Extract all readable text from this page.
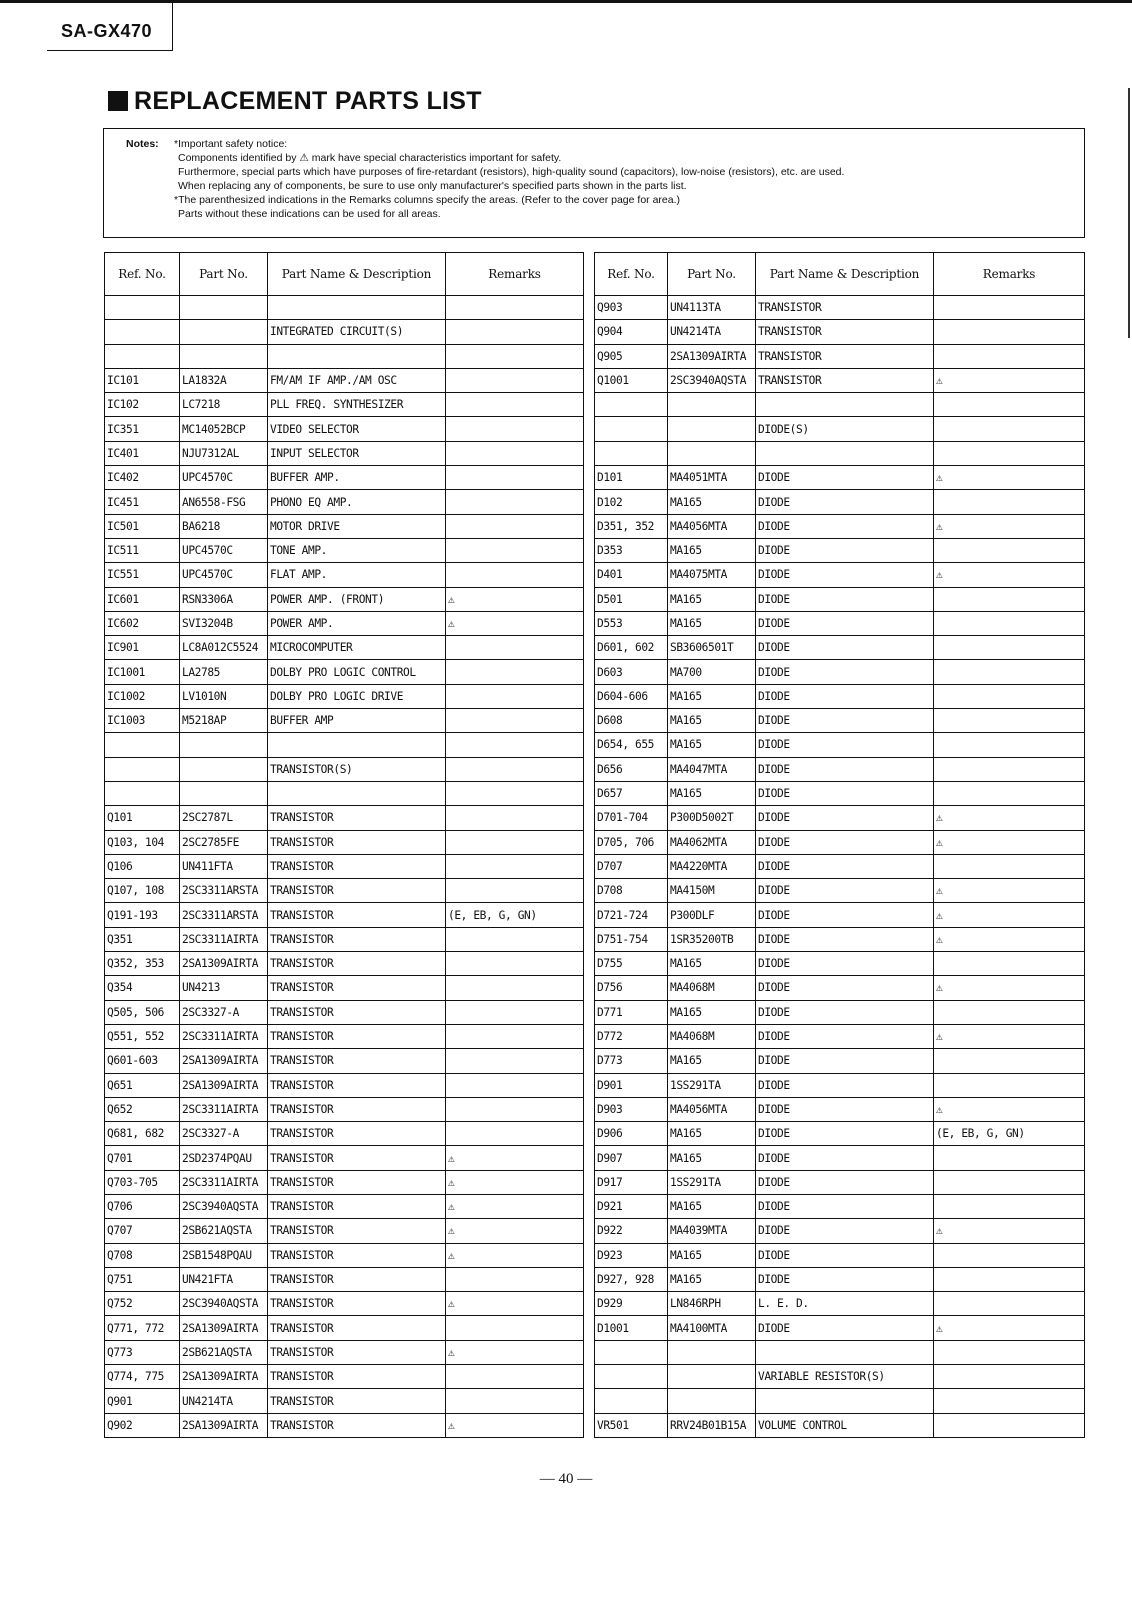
SA-GX470
REPLACEMENT PARTS LIST
Notes: *Important safety notice:
Components identified by ⚠ mark have special characteristics important for safety.
Furthermore, special parts which have purposes of fire-retardant (resistors), high-quality sound (capacitors), low-noise (resistors), etc. are used.
When replacing any of components, be sure to use only manufacturer's specified parts shown in the parts list.
*The parenthesized indications in the Remarks columns specify the areas. (Refer to the cover page for area.)
Parts without these indications can be used for all areas.
Ref. No.	Part No.	Part Name & Description	Remarks

		INTEGRATED CIRCUIT(S)	

IC101	LA1832A	FM/AM IF AMP./AM OSC	
IC102	LC7218	PLL FREQ. SYNTHESIZER	
IC351	MC14052BCP	VIDEO SELECTOR	
IC401	NJU7312AL	INPUT SELECTOR	
IC402	UPC4570C	BUFFER AMP.	
IC451	AN6558-FSG	PHONO EQ AMP.	
IC501	BA6218	MOTOR DRIVE	
IC511	UPC4570C	TONE AMP.	
IC551	UPC4570C	FLAT AMP.	
IC601	RSN3306A	POWER AMP. (FRONT)	⚠
IC602	SVI3204B	POWER AMP.	⚠
IC901	LC8A012C5524	MICROCOMPUTER	
IC1001	LA2785	DOLBY PRO LOGIC CONTROL	
IC1002	LV1010N	DOLBY PRO LOGIC DRIVE	
IC1003	M5218AP	BUFFER AMP	

		TRANSISTOR(S)	

Q101	2SC2787L	TRANSISTOR	
Q103, 104	2SC2785FE	TRANSISTOR	
Q106	UN411FTA	TRANSISTOR	
Q107, 108	2SC3311ARSTA	TRANSISTOR	
Q191-193	2SC3311ARSTA	TRANSISTOR	(E, EB, G, GN)
Q351	2SC3311AIRTA	TRANSISTOR	
Q352, 353	2SA1309AIRTA	TRANSISTOR	
Q354	UN4213	TRANSISTOR	
Q505, 506	2SC3327-A	TRANSISTOR	
Q551, 552	2SC3311AIRTA	TRANSISTOR	
Q601-603	2SA1309AIRTA	TRANSISTOR	
Q651	2SA1309AIRTA	TRANSISTOR	
Q652	2SC3311AIRTA	TRANSISTOR	
Q681, 682	2SC3327-A	TRANSISTOR	
Q701	2SD2374PQAU	TRANSISTOR	⚠
Q703-705	2SC3311AIRTA	TRANSISTOR	⚠
Q706	2SC3940AQSTA	TRANSISTOR	⚠
Q707	2SB621AQSTA	TRANSISTOR	⚠
Q708	2SB1548PQAU	TRANSISTOR	⚠
Q751	UN421FTA	TRANSISTOR	
Q752	2SC3940AQSTA	TRANSISTOR	⚠
Q771, 772	2SA1309AIRTA	TRANSISTOR	
Q773	2SB621AQSTA	TRANSISTOR	⚠
Q774, 775	2SA1309AIRTA	TRANSISTOR	
Q901	UN4214TA	TRANSISTOR	
Q902	2SA1309AIRTA	TRANSISTOR	⚠
Ref. No.	Part No.	Part Name & Description	Remarks
Q903	UN4113TA	TRANSISTOR	
Q904	UN4214TA	TRANSISTOR	
Q905	2SA1309AIRTA	TRANSISTOR	
Q1001	2SC3940AQSTA	TRANSISTOR	⚠

		DIODE(S)	

D101	MA4051MTA	DIODE	⚠
D102	MA165	DIODE	
D351, 352	MA4056MTA	DIODE	⚠
D353	MA165	DIODE	
D401	MA4075MTA	DIODE	⚠
D501	MA165	DIODE	
D553	MA165	DIODE	
D601, 602	SB3606501T	DIODE	
D603	MA700	DIODE	
D604-606	MA165	DIODE	
D608	MA165	DIODE	
D654, 655	MA165	DIODE	
D656	MA4047MTA	DIODE	
D657	MA165	DIODE	
D701-704	P300D5002T	DIODE	⚠
D705, 706	MA4062MTA	DIODE	⚠
D707	MA4220MTA	DIODE	
D708	MA4150M	DIODE	⚠
D721-724	P300DLF	DIODE	⚠
D751-754	1SR35200TB	DIODE	⚠
D755	MA165	DIODE	
D756	MA4068M	DIODE	⚠
D771	MA165	DIODE	
D772	MA4068M	DIODE	⚠
D773	MA165	DIODE	
D901	1SS291TA	DIODE	
D903	MA4056MTA	DIODE	⚠
D906	MA165	DIODE	(E, EB, G, GN)
D907	MA165	DIODE	
D917	1SS291TA	DIODE	
D921	MA165	DIODE	
D922	MA4039MTA	DIODE	⚠
D923	MA165	DIODE	
D927, 928	MA165	DIODE	
D929	LN846RPH	L. E. D.	
D1001	MA4100MTA	DIODE	⚠

		VARIABLE RESISTOR(S)	

VR501	RRV24B01B15A	VOLUME CONTROL	
— 40 —
